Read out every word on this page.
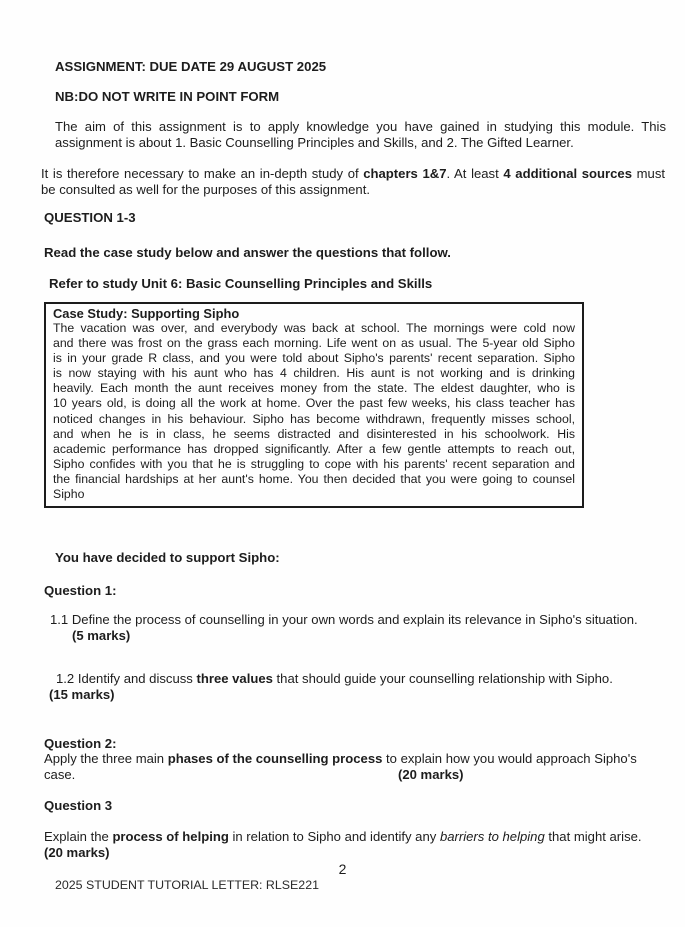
ASSIGNMENT: DUE DATE 29 AUGUST 2025
NB:DO NOT WRITE IN POINT FORM
The aim of this assignment is to apply knowledge you have gained in studying this module. This assignment is about 1. Basic Counselling Principles and Skills, and 2. The Gifted Learner.
It is therefore necessary to make an in-depth study of chapters 1&7. At least 4 additional sources must be consulted as well for the purposes of this assignment.
QUESTION 1-3
Read the case study below and answer the questions that follow.
Refer to study Unit 6: Basic Counselling Principles and Skills
Case Study: Supporting Sipho
The vacation was over, and everybody was back at school. The mornings were cold now
and there was frost on the grass each morning. Life went on as usual. The 5-year old Sipho
is in your grade R class, and you were told about Sipho's parents' recent separation. Sipho
is now staying with his aunt who has 4 children. His aunt is not working and is drinking
heavily. Each month the aunt receives money from the state. The eldest daughter, who is
10 years old, is doing all the work at home. Over the past few weeks, his class teacher has
noticed changes in his behaviour. Sipho has become withdrawn, frequently misses school,
and when he is in class, he seems distracted and disinterested in his schoolwork. His
academic performance has dropped significantly. After a few gentle attempts to reach out,
Sipho confides with you that he is struggling to cope with his parents' recent separation and
the financial hardships at her aunt's home. You then decided that you were going to counsel
Sipho
You have decided to support Sipho:
Question 1:
1.1 Define the process of counselling in your own words and explain its relevance in Sipho's situation.
(5 marks)
1.2 Identify and discuss three values that should guide your counselling relationship with Sipho.
(15 marks)
Question 2:
Apply the three main phases of the counselling process to explain how you would approach Sipho's
case.	(20 marks)
Question 3
Explain the process of helping in relation to Sipho and identify any barriers to helping that might arise.
(20 marks)
2
2025 STUDENT TUTORIAL LETTER: RLSE221
